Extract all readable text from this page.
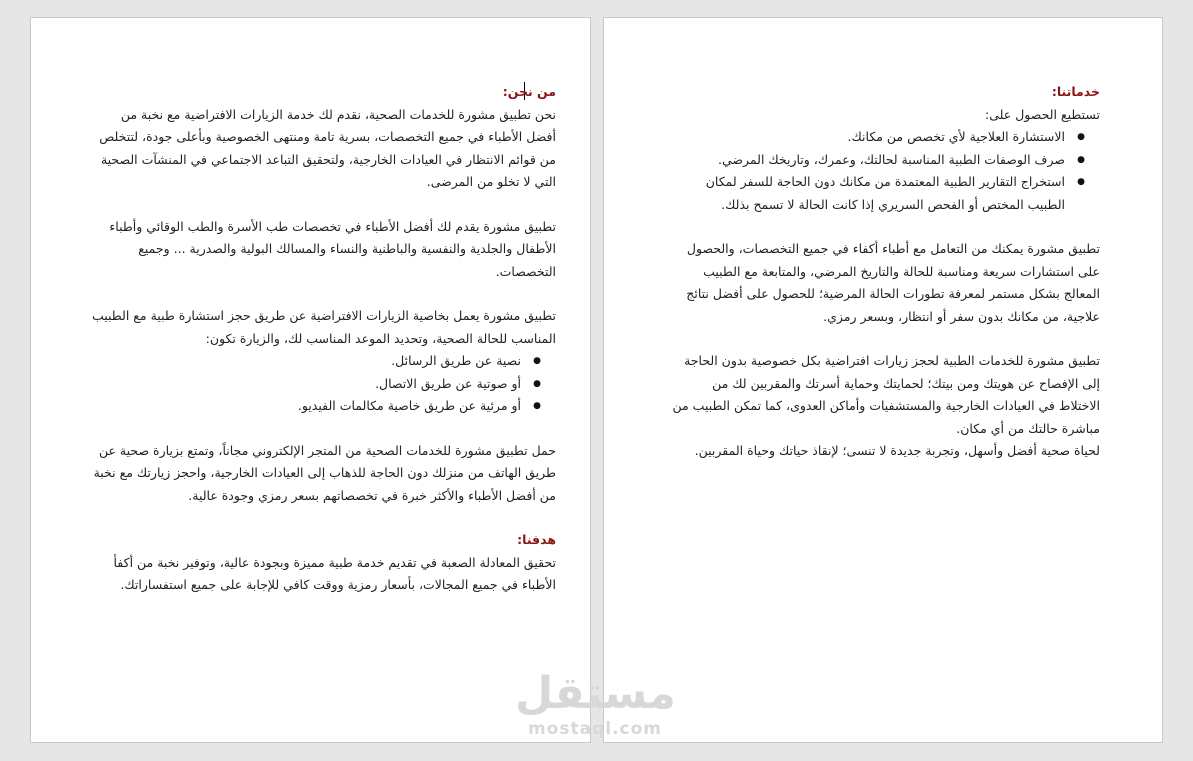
من نحن:

نحن تطبيق مشورة للخدمات الصحية، نقدم لك خدمة الزيارات الافتراضية مع نخبة من أفضل الأطباء في جميع التخصصات، بسرية تامة ومنتهى الخصوصية وبأعلى جودة، لتتخلص من قوائم الانتظار في العيادات الخارجية، ولتحقيق التباعد الاجتماعي في المنشآت الصحية التي لا تخلو من المرضى.

تطبيق مشورة يقدم لك أفضل الأطباء في تخصصات طب الأسرة والطب الوقائي وأطباء الأطفال والجلدية والنفسية والباطنية والنساء والمسالك البولية والصدرية ... وجميع التخصصات.

تطبيق مشورة يعمل بخاصية الزيارات الافتراضية عن طريق حجز استشارة طبية مع الطبيب المناسب للحالة الصحية، وتحديد الموعد المناسب لك، والزيارة تكون:
● نصية عن طريق الرسائل.
● أو صوتية عن طريق الاتصال.
● أو مرئية عن طريق خاصية مكالمات الفيديو.

حمل تطبيق مشورة للخدمات الصحية من المتجر الإلكتروني مجاناً، وتمتع بزيارة صحية عن طريق الهاتف من منزلك دون الحاجة للذهاب إلى العيادات الخارجية، واحجز زيارتك مع نخبة من أفضل الأطباء والأكثر خبرة في تخصصاتهم بسعر رمزي وجودة عالية.

هدفنا:

تحقيق المعادلة الصعبة في تقديم خدمة طبية مميزة وبجودة عالية، وتوفير نخبة من أكفأ الأطباء في جميع المجالات، بأسعار رمزية ووقت كافي للإجابة على جميع استفساراتك.

خدماتنا:
تستطيع الحصول على:
● الاستشارة العلاجية لأي تخصص من مكانك.
● صرف الوصفات الطبية المناسبة لحالتك، وعمرك، وتاريخك المرضي.
● استخراج التقارير الطبية المعتمدة من مكانك دون الحاجة للسفر لمكان الطبيب المختص أو الفحص السريري إذا كانت الحالة لا تسمح بذلك.

تطبيق مشورة يمكنك من التعامل مع أطباء أكفاء في جميع التخصصات، والحصول على استشارات سريعة ومناسبة للحالة والتاريخ المرضي، والمتابعة مع الطبيب المعالج بشكل مستمر لمعرفة تطورات الحالة المرضية؛ للحصول على أفضل نتائج علاجية، من مكانك بدون سفر أو انتظار، وبسعر رمزي.

تطبيق مشورة للخدمات الطبية لحجز زيارات افتراضية بكل خصوصية بدون الحاجة إلى الإفصاح عن هويتك ومن بيتك؛ لحمايتك وحماية أسرتك والمقربين لك من الاختلاط في العيادات الخارجية والمستشفيات وأماكن العدوى، كما تمكن الطبيب من مباشرة حالتك من أي مكان.
لحياة صحية أفضل وأسهل، وتجربة جديدة لا تنسى؛ لإنقاذ حياتك وحياة المقربين.
مستقل
mostaql.com
